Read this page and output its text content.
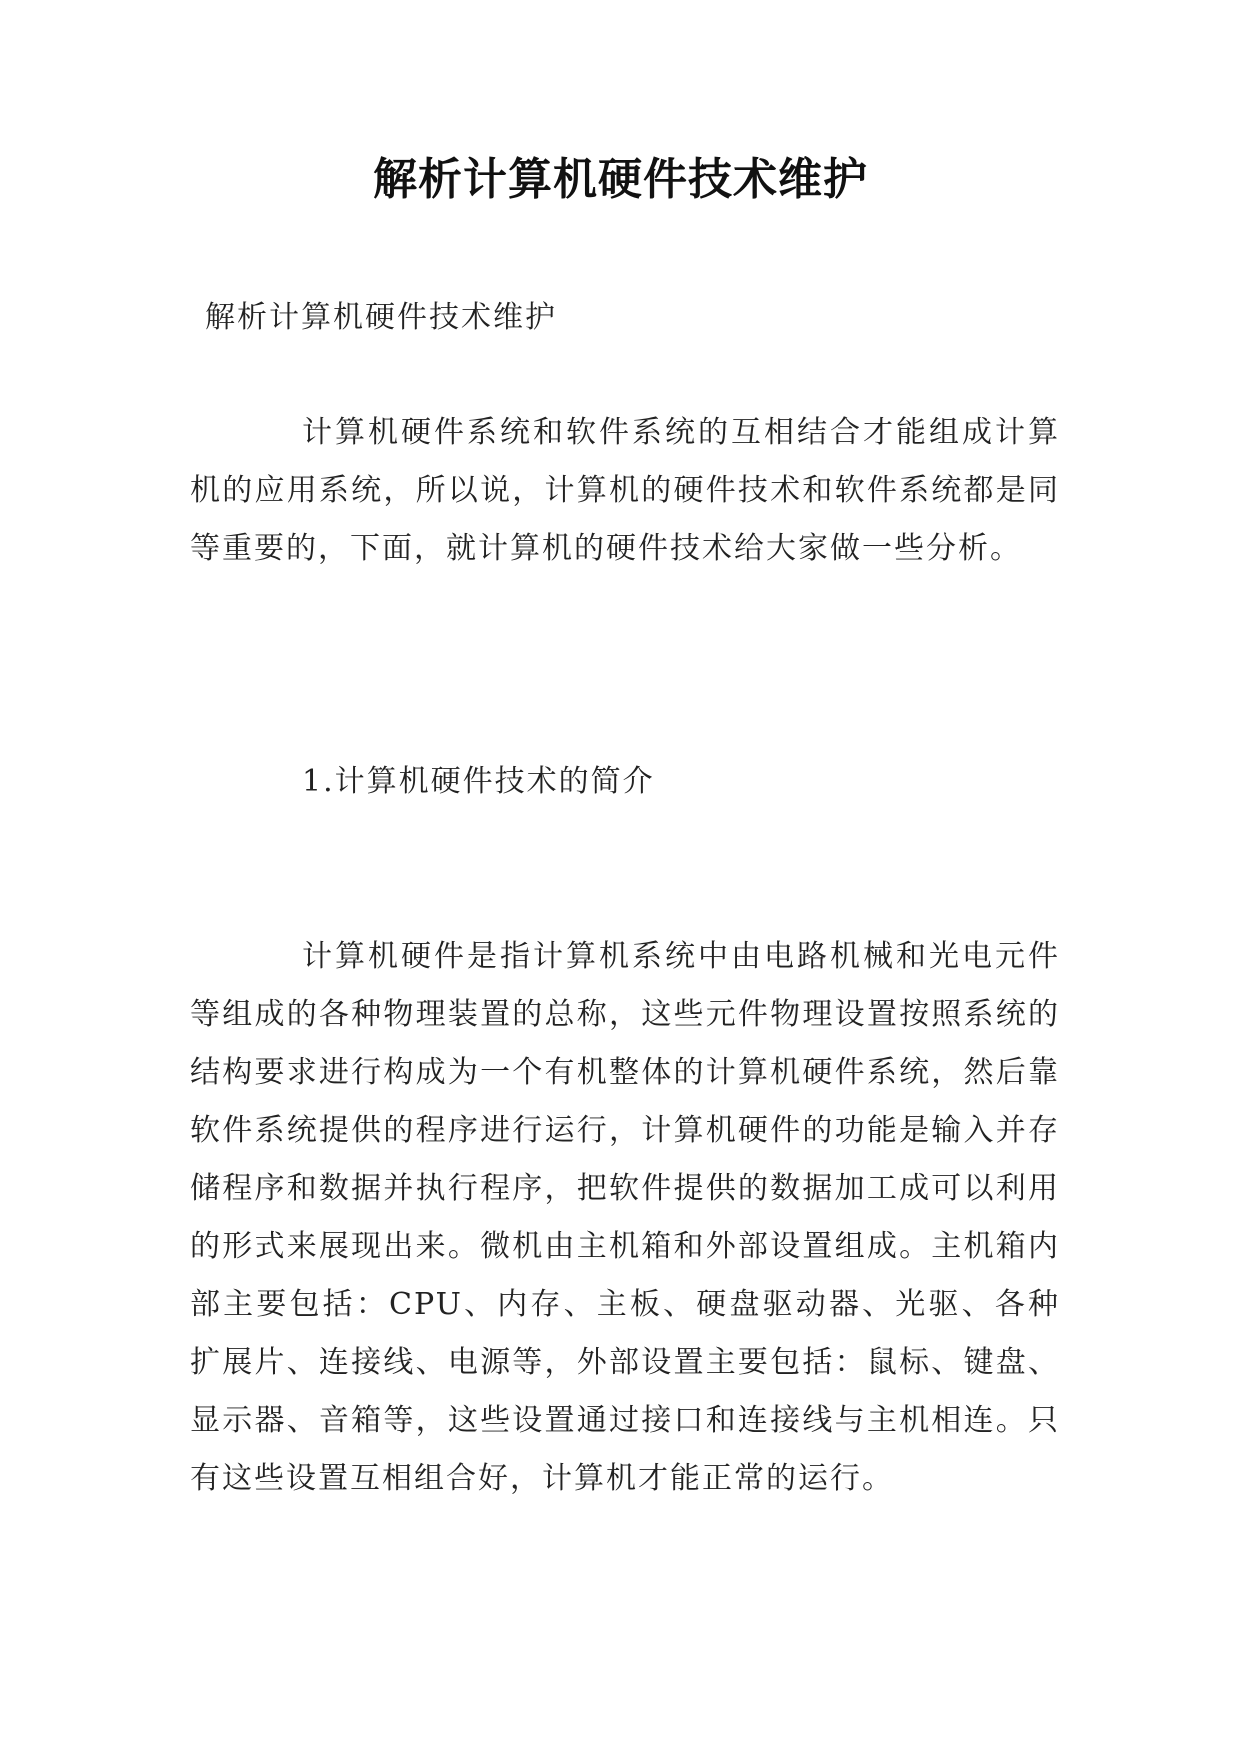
解析计算机硬件技术维护
解析计算机硬件技术维护

计算机硬件系统和软件系统的互相结合才能组成计算机的应用系统，所以说，计算机的硬件技术和软件系统都是同等重要的，下面，就计算机的硬件技术给大家做一些分析。

1.计算机硬件技术的简介

计算机硬件是指计算机系统中由电路机械和光电元件等组成的各种物理装置的总称，这些元件物理设置按照系统的结构要求进行构成为一个有机整体的计算机硬件系统，然后靠软件系统提供的程序进行运行，计算机硬件的功能是输入并存储程序和数据并执行程序，把软件提供的数据加工成可以利用的形式来展现出来。微机由主机箱和外部设置组成。主机箱内部主要包括：CPU、内存、主板、硬盘驱动器、光驱、各种扩展片、连接线、电源等，外部设置主要包括：鼠标、键盘、显示器、音箱等，这些设置通过接口和连接线与主机相连。只有这些设置互相组合好，计算机才能正常的运行。
